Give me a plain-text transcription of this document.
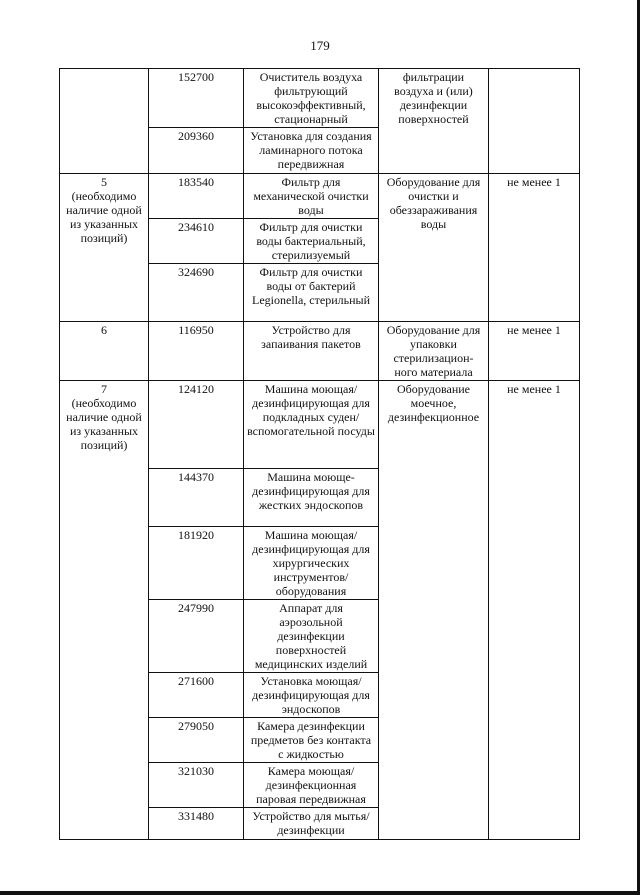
179
	152700	Очиститель воздуха фильтрующий высокоэффективный, стационарный	фильтрации воздуха и (или) дезинфекции поверхностей	
	209360	Установка для создания ламинарного потока передвижная		

5
(необходимо наличие одной из указанных позиций)	183540	Фильтр для механической очистки воды	Оборудование для очистки и обеззараживания воды	не менее 1
	234610	Фильтр для очистки воды бактериальный, стерилизуемый		
	324690	Фильтр для очистки воды от бактерий Legionella, стерильный		

6	116950	Устройство для запаивания пакетов	Оборудование для упаковки стерилизацион-ного материала	не менее 1

7
(необходимо наличие одной из указанных позиций)	124120	Машина моющая/ дезинфицирующая для подкладных суден/ вспомогательной посуды	Оборудование моечное, дезинфекционное	не менее 1
	144370	Машина моюще-дезинфицирующая для жестких эндоскопов		
	181920	Машина моющая/ дезинфицирующая для хирургических инструментов/ оборудования		
	247990	Аппарат для аэрозольной дезинфекции поверхностей медицинских изделий		
	271600	Установка моющая/ дезинфицирующая для эндоскопов		
	279050	Камера дезинфекции предметов без контакта с жидкостью		
	321030	Камера моющая/ дезинфекционная паровая передвижная		
	331480	Устройство для мытья/дезинфекции		
